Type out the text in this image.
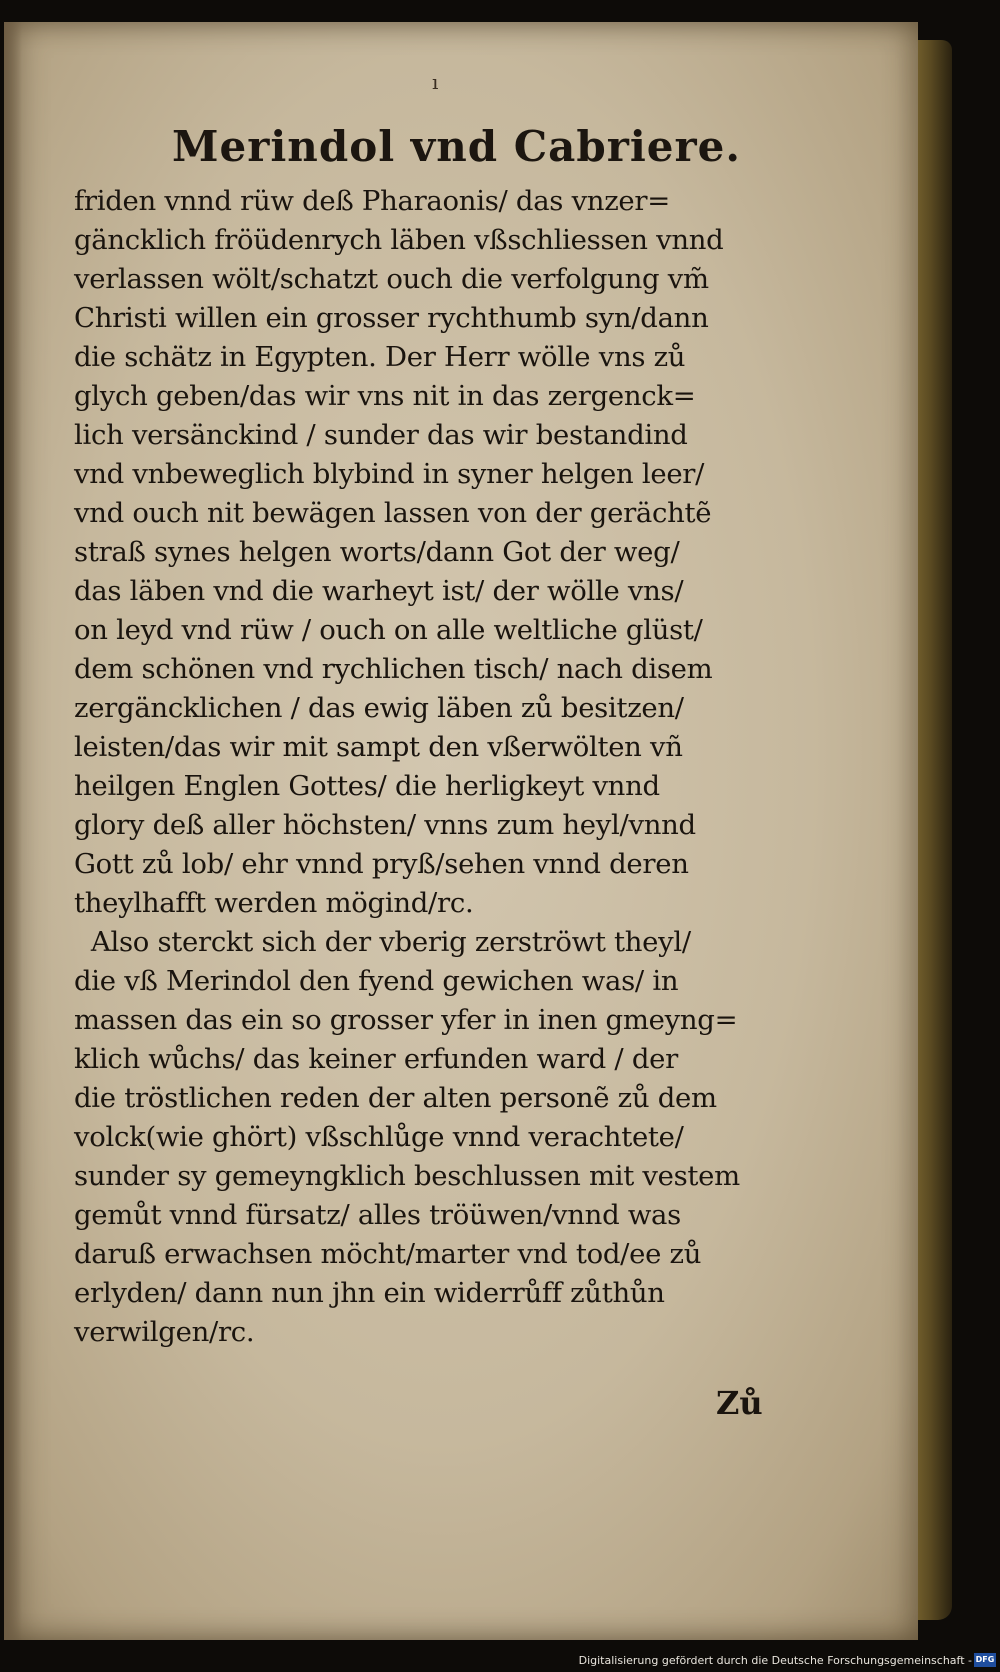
ı
Merindol vnd Cabriere.
friden vnnd rüw deß Pharaonis/ das vnzer=
gäncklich fröüdenrych läben vßschliessen vnnd
verlassen wölt/schatzt ouch die verfolgung vm̃
Christi willen ein grosser rychthumb syn/dann
die schätz in Egypten. Der Herr wölle vns zů
glych geben/das wir vns nit in das zergenck=
lich versänckind / sunder das wir bestandind
vnd vnbeweglich blybind in syner helgen leer/
vnd ouch nit bewägen lassen von der gerächtẽ
straß synes helgen worts/dann Got der weg/
das läben vnd die warheyt ist/ der wölle vns/
on leyd vnd rüw / ouch on alle weltliche glüst/
dem schönen vnd rychlichen tisch/ nach disem
zergäncklichen / das ewig läben zů besitzen/
leisten/das wir mit sampt den vßerwölten vñ
heilgen Englen Gottes/ die herligkeyt vnnd
glory deß aller höchsten/ vnns zum heyl/vnnd
Gott zů lob/ ehr vnnd pryß/sehen vnnd deren
theylhafft werden mögind/rc.
Also sterckt sich der vberig zerströwt theyl/
die vß Merindol den fyend gewichen was/ in
massen das ein so grosser yfer in inen gmeyng=
klich wůchs/ das keiner erfunden ward / der
die tröstlichen reden der alten personẽ zů dem
volck(wie ghört) vßschlůge vnnd verachtete/
sunder sy gemeyngklich beschlussen mit vestem
gemůt vnnd fürsatz/ alles tröüwen/vnnd was
daruß erwachsen möcht/marter vnd tod/ee zů
erlyden/ dann nun jhn ein widerrůff zůthůn
verwilgen/rc.
Zů
Digitalisierung gefördert durch die Deutsche Forschungsgemeinschaft - DFG
